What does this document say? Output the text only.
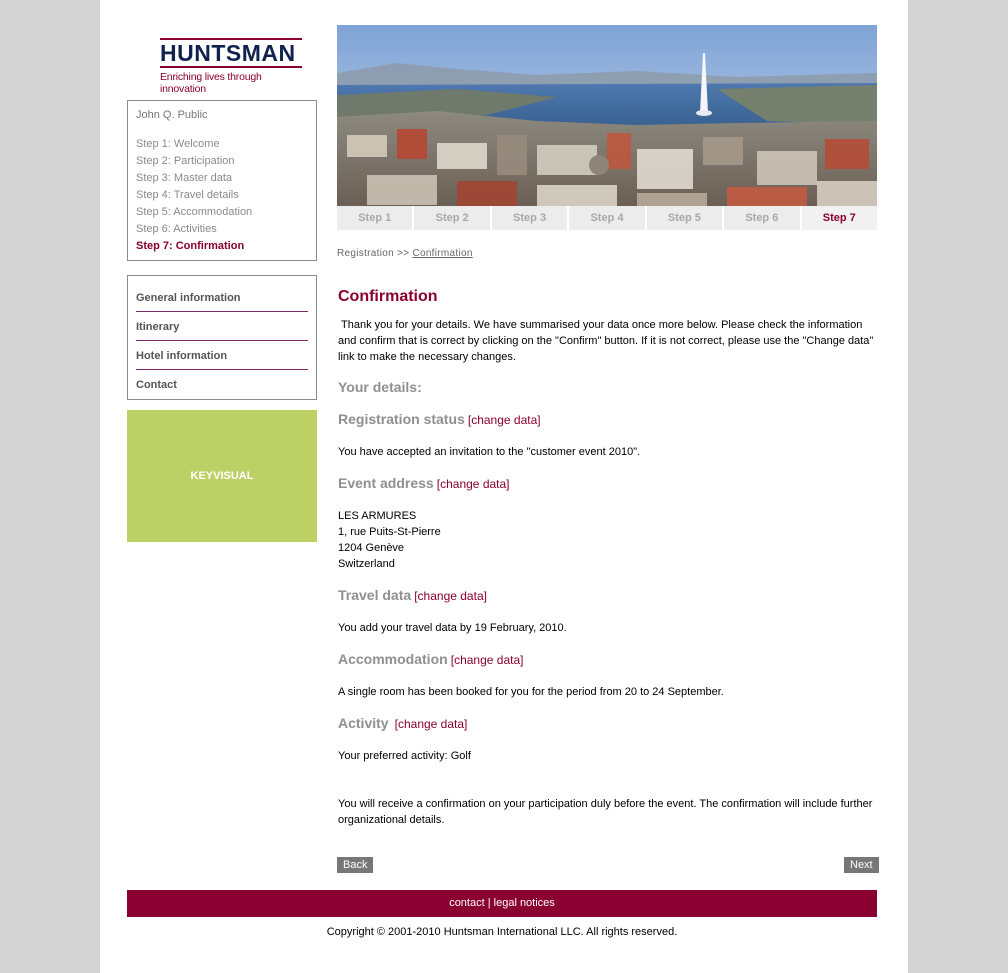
HUNTSMAN
Enriching lives through innovation
John Q. Public
Step 1: Welcome
Step 2: Participation
Step 3: Master data
Step 4: Travel details
Step 5: Accommodation
Step 6: Activities
Step 7: Confirmation
General information
Itinerary
Hotel information
Contact
KEYVISUAL
Step 1	Step 2	Step 3	Step 4	Step 5	Step 6	Step 7
Registration >> Confirmation
Confirmation
Thank you for your details. We have summarised your data once more below. Please check the information
and confirm that is correct by clicking on the "Confirm" button. If it is not correct, please use the "Change data"
link to make the necessary changes.
Your details:
Registration status [change data]
You have accepted an invitation to the "customer event 2010".
Event address [change data]
LES ARMURES
1, rue Puits-St-Pierre
1204 Genève
Switzerland
Travel data [change data]
You add your travel data by 19 February, 2010.
Accommodation [change data]
A single room has been booked for you for the period from 20 to 24 September.
Activity [change data]
Your preferred activity: Golf
You will receive a confirmation on your participation duly before the event. The confirmation will include further
organizational details.
Back	Next
contact | legal notices
Copyright © 2001-2010 Huntsman International LLC. All rights reserved.
